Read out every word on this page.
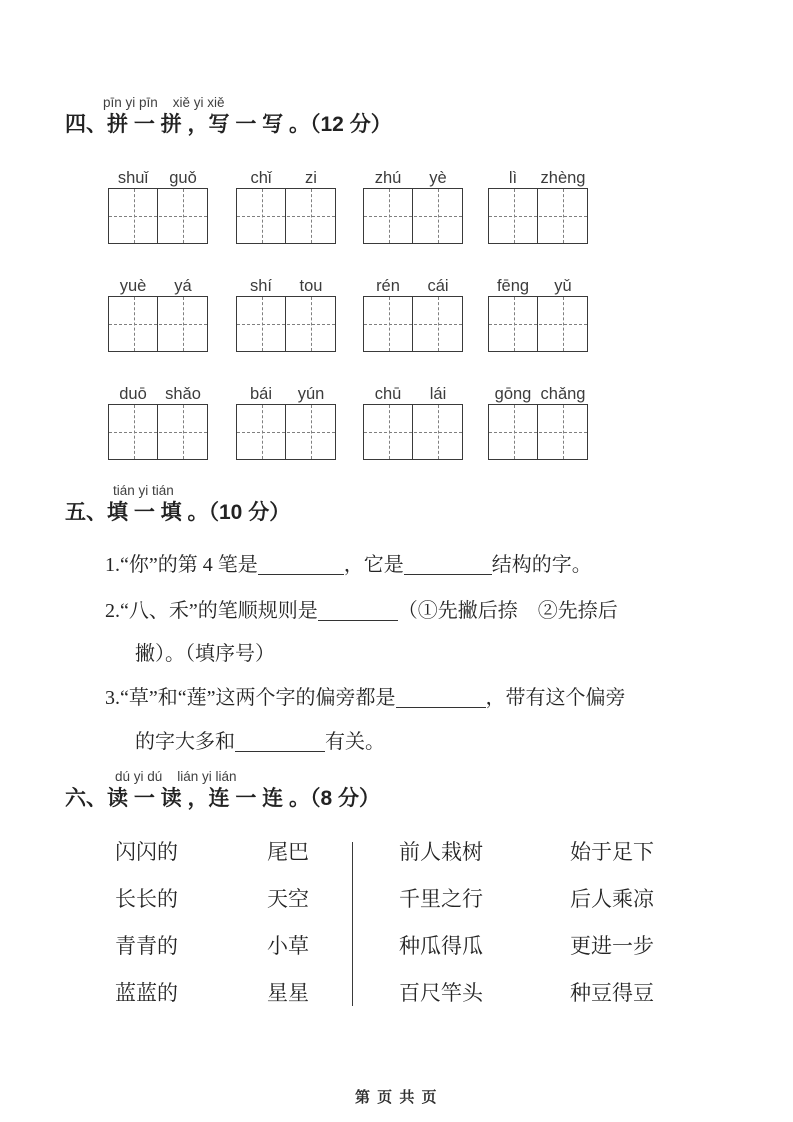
pīn yi pīn    xiě yi xiě
四、拼 一 拼 ，写 一 写 。（12 分）
shuǐ	guǒ	chǐ	zi	zhú	yè	lì	zhèng
yuè	yá	shí	tou	rén	cái	fēng	yǔ
duō	shǎo	bái	yún	chū	lái	gōng chǎng
tián yi tián
五、填 一 填 。（10 分）
1.“你”的第 4 笔是	，它是	结构的字。
2.“八、禾”的笔顺规则是	（①先撇后捺　②先捺后
撇）。（填序号）
3.“草”和“莲”这两个字的偏旁都是	，带有这个偏旁
的字大多和	有关。
dú yi dú    lián yi lián
六、读 一 读 ，连 一 连 。（8 分）
闪闪的
长长的
青青的
蓝蓝的
尾巴
天空
小草
星星
前人栽树
千里之行
种瓜得瓜
百尺竿头
始于足下
后人乘凉
更进一步
种豆得豆
第 页 共 页
